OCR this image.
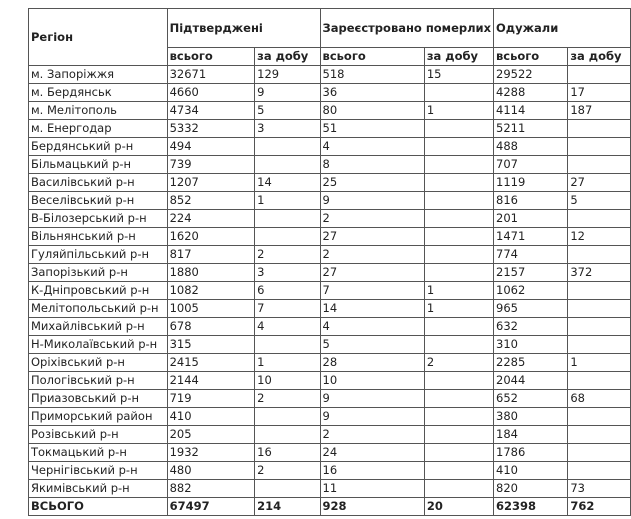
Регіон	Підтверджені		Зареєстровано померлих		Одужали	
	всього	за добу	всього	за добу	всього	за добу
м. Запоріжжя	32671	129	518	15	29522	
м. Бердянськ	4660	9	36		4288	17
м. Мелітополь	4734	5	80	1	4114	187
м. Енергодар	5332	3	51		5211	
Бердянський р-н	494		4		488	
Більмацький р-н	739		8		707	
Василівський р-н	1207	14	25		1119	27
Веселівський р-н	852	1	9		816	5
В-Білозерський р-н	224		2		201	
Вільнянський р-н	1620		27		1471	12
Гуляйпільський р-н	817	2	2		774	
Запорізький р-н	1880	3	27		2157	372
К-Дніпровський р-н	1082	6	7	1	1062	
Мелітопольський р-н	1005	7	14	1	965	
Михайлівський р-н	678	4	4		632	
Н-Миколаївський р-н	315		5		310	
Оріхівський р-н	2415	1	28	2	2285	1
Пологівський р-н	2144	10	10		2044	
Приазовський р-н	719	2	9		652	68
Приморський район	410		9		380	
Розівський р-н	205		2		184	
Токмацький р-н	1932	16	24		1786	
Чернігівський р-н	480	2	16		410	
Якимівський р-н	882		11		820	73
ВСЬОГО	67497	214	928	20	62398	762
